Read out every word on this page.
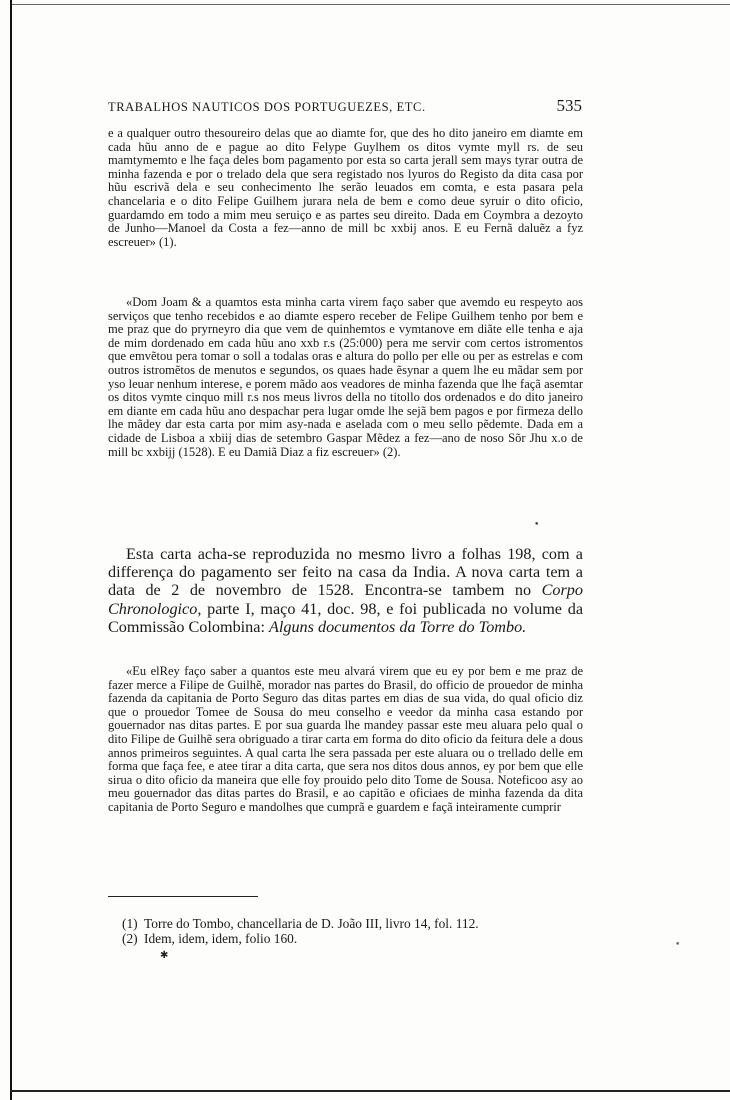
TRABALHOS NAUTICOS DOS PORTUGUEZES, ETC.	535

e a qualquer outro thesoureiro delas que ao diamte for, que des ho dito janeiro em diamte em cada hũu anno de e pague ao dito Felype Guylhem os ditos vymte myll rs. de seu mamtymemto e lhe faça deles bom pagamento por esta so carta jerall sem mays tyrar outra de minha fazenda e por o trelado dela que sera registado nos lyuros do Registo da dita casa por hũu escrivã dela e seu conhecimento lhe serão leuados em comta, e esta pasara pela chancelaria e o dito Felipe Guilhem jurara nela de bem e como deue syruir o dito oficio, guardamdo em todo a mim meu seruiço e as partes seu direito. Dada em Coymbra a dezoyto de Junho—Manoel da Costa a fez—anno de mill bc xxbij anos. E eu Fernã daluẽz a fyz escreuer» (1).

«Dom Joam & a quamtos esta minha carta virem faço saber que avemdo eu respeyto aos serviços que tenho recebidos e ao diamte espero receber de Felipe Guilhem tenho por bem e me praz que do pryrneyro dia que vem de quinhemtos e vymtanove em diãte elle tenha e aja de mim dordenado em cada hũu ano xxb r.s (25:000) pera me servir com certos istromentos que emvẽtou pera tomar o soll a todalas oras e altura do pollo per elle ou per as estrelas e com outros istromẽtos de menutos e segundos, os quaes hade ẽsynar a quem lhe eu mãdar sem por yso leuar nenhum interese, e porem mãdo aos veadores de minha fazenda que lhe façã asemtar os ditos vymte cinquo mill r.s nos meus livros della no titollo dos ordenados e do dito janeiro em diante em cada hũu ano despachar pera lugar omde lhe sejã bem pagos e por firmeza dello lhe mãdey dar esta carta por mim asy-nada e aselada com o meu sello pẽdemte. Dada em a cidade de Lisboa a xbiij dias de setembro Gaspar Mẽdez a fez—ano de noso Sõr Jhu x.o de mill bc xxbijj (1528). E eu Damiã Diaz a fiz escreuer» (2).

Esta carta acha-se reproduzida no mesmo livro a folhas 198, com a differença do pagamento ser feito na casa da India. A nova carta tem a data de 2 de novembro de 1528. Encontra-se tambem no Corpo Chronologico, parte I, maço 41, doc. 98, e foi publicada no volume da Commissão Colombina: Alguns documentos da Torre do Tombo.

«Eu elRey faço saber a quantos este meu alvará virem que eu ey por bem e me praz de fazer merce a Filipe de Guilhẽ, morador nas partes do Brasil, do officio de prouedor de minha fazenda da capitania de Porto Seguro das ditas partes em dias de sua vida, do qual oficio diz que o prouedor Tomee de Sousa do meu conselho e veedor da minha casa estando por gouernador nas ditas partes. E por sua guarda lhe mandey passar este meu aluara pelo qual o dito Filipe de Guilhẽ sera obriguado a tirar carta em forma do dito oficio da feitura dele a dous annos primeiros seguintes. A qual carta lhe sera passada per este aluara ou o trellado delle em forma que faça fee, e atee tirar a dita carta, que sera nos ditos dous annos, ey por bem que elle sirua o dito oficio da maneira que elle foy prouido pelo dito Tome de Sousa. Noteficoo asy ao meu gouernador das ditas partes do Brasil, e ao capitão e oficiaes de minha fazenda da dita capitania de Porto Seguro e mandolhes que cumprã e guardem e façã inteiramente cumprir

(1) Torre do Tombo, chancellaria de D. João III, livro 14, fol. 112.
(2) Idem, idem, idem, folio 160.
✱
•
•
